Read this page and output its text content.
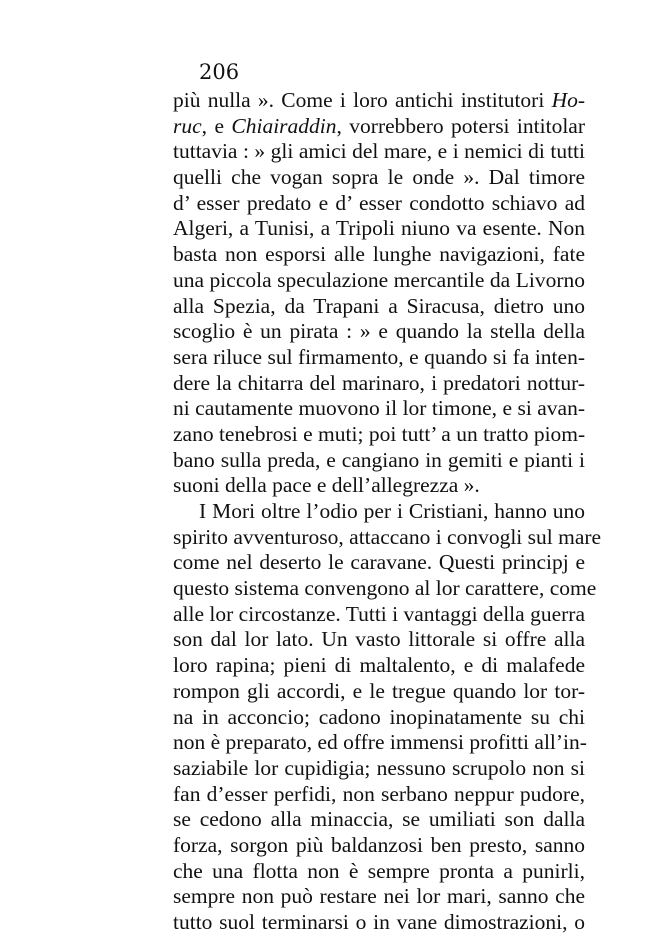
206

più nulla ». Come i loro antichi institutori Ho-
ruc, e Chiairaddin, vorrebbero potersi intitolar
tuttavia : » gli amici del mare, e i nemici di tutti
quelli che vogan sopra le onde ». Dal timore
d’ esser predato e d’ esser condotto schiavo ad
Algeri, a Tunisi, a Tripoli niuno va esente. Non
basta non esporsi alle lunghe navigazioni, fate
una piccola speculazione mercantile da Livorno
alla Spezia, da Trapani a Siracusa, dietro uno
scoglio è un pirata : » e quando la stella della
sera riluce sul firmamento, e quando si fa inten-
dere la chitarra del marinaro, i predatori nottur-
ni cautamente muovono il lor timone, e si avan-
zano tenebrosi e muti; poi tutt’ a un tratto piom-
bano sulla preda, e cangiano in gemiti e pianti i
suoni della pace e dell’allegrezza ».
I Mori oltre l’odio per i Cristiani, hanno uno
spirito avventuroso, attaccano i convogli sul mare
come nel deserto le caravane. Questi principj e
questo sistema convengono al lor carattere, come
alle lor circostanze. Tutti i vantaggi della guerra
son dal lor lato. Un vasto littorale si offre alla
loro rapina; pieni di maltalento, e di malafede
rompon gli accordi, e le tregue quando lor tor-
na in acconcio; cadono inopinatamente su chi
non è preparato, ed offre immensi profitti all’in-
saziabile lor cupidigia; nessuno scrupolo non si
fan d’esser perfidi, non serbano neppur pudore,
se cedono alla minaccia, se umiliati son dalla
forza, sorgon più baldanzosi ben presto, sanno
che una flotta non è sempre pronta a punirli,
sempre non può restare nei lor mari, sanno che
tutto suol terminarsi o in vane dimostrazioni, o
